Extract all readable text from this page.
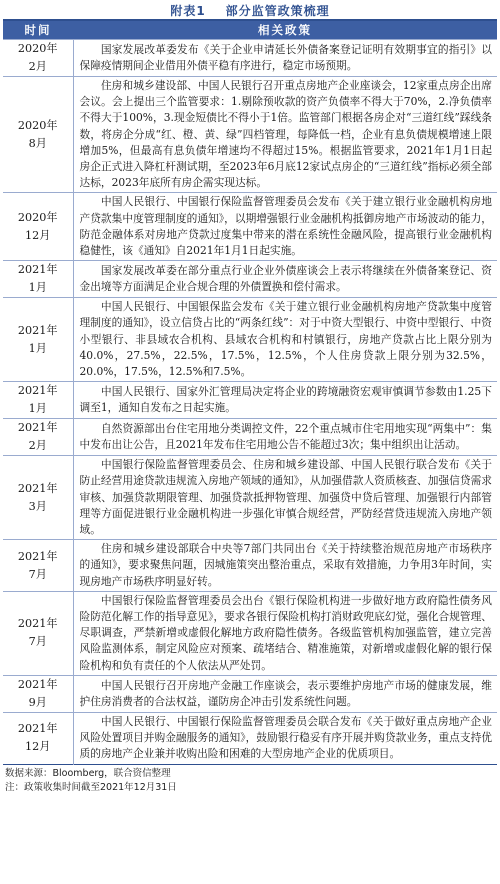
附表1 部分监管政策梳理
时间	相关政策

2020年
2月	国家发展改革委发布《关于企业申请延长外债备案登记证明有效期事宜的指引》以保障疫情期间企业借用外债平稳有序进行，稳定市场预期。

2020年
8月	住房和城乡建设部、中国人民银行召开重点房地产企业座谈会，12家重点房企出席会议。会上提出三个监管要求：1.剔除预收款的资产负债率不得大于70%，2.净负债率不得大于100%，3.现金短债比不得小于1倍。监管部门根据各房企对“三道红线”踩线条数，将房企分成“红、橙、黄、绿”四档管理，每降低一档，企业有息负债规模增速上限增加5%，但最高有息负债年增速均不得超过15%。根据监管要求，2021年1月1日起房企正式进入降杠杆测试期，至2023年6月底12家试点房企的“三道红线”指标必须全部达标，2023年底所有房企需实现达标。

2020年
12月	中国人民银行、中国银行保险监督管理委员会发布《关于建立银行业金融机构房地产贷款集中度管理制度的通知》，以期增强银行业金融机构抵御房地产市场波动的能力，防范金融体系对房地产贷款过度集中带来的潜在系统性金融风险，提高银行业金融机构稳健性，该《通知》自2021年1月1日起实施。

2021年
1月	国家发展改革委在部分重点行业企业外债座谈会上表示将继续在外债备案登记、资金出境等方面满足企业合规合理的外债置换和偿付需求。

2021年
1月	中国人民银行、中国银保监会发布《关于建立银行业金融机构房地产贷款集中度管理制度的通知》，设立信贷占比的“两条红线”：对于中资大型银行、中资中型银行、中资小型银行、非县域农合机构、县域农合机构和村镇银行，房地产贷款占比上限分别为40.0%，27.5%，22.5%，17.5%，12.5%，个人住房贷款上限分别为32.5%，20.0%，17.5%，12.5%和7.5%。

2021年
1月	中国人民银行、国家外汇管理局决定将企业的跨境融资宏观审慎调节参数由1.25下调至1，通知自发布之日起实施。

2021年
2月	自然资源部出台住宅用地分类调控文件，22个重点城市住宅用地实现“两集中”：集中发布出让公告，且2021年发布住宅用地公告不能超过3次；集中组织出让活动。

2021年
3月	中国银行保险监督管理委员会、住房和城乡建设部、中国人民银行联合发布《关于防止经营用途贷款违规流入房地产领域的通知》，从加强借款人资质核查、加强信贷需求审核、加强贷款期限管理、加强贷款抵押物管理、加强贷中贷后管理、加强银行内部管理等方面促进银行业金融机构进一步强化审慎合规经营，严防经营贷违规流入房地产领域。

2021年
7月	住房和城乡建设部联合中央等7部门共同出台《关于持续整治规范房地产市场秩序的通知》，要求聚焦问题，因城施策突出整治重点，采取有效措施，力争用3年时间，实现房地产市场秩序明显好转。

2021年
7月	中国银行保险监督管理委员会出台《银行保险机构进一步做好地方政府隐性债务风险防范化解工作的指导意见》，要求各银行保险机构打消财政兜底幻觉，强化合规管理、尽职调查，严禁新增或虚假化解地方政府隐性债务。各级监管机构加强监管，建立完善风险监测体系，制定风险应对预案、疏堵结合、精准施策，对新增或虚假化解的银行保险机构和负有责任的个人依法从严处罚。

2021年
9月	中国人民银行召开房地产金融工作座谈会，表示要维护房地产市场的健康发展，维护住房消费者的合法权益，谨防房企冲击引发系统性问题。

2021年
12月	中国人民银行、中国银行保险监督管理委员会联合发布《关于做好重点房地产企业风险处置项目并购金融服务的通知》，鼓励银行稳妥有序开展并购贷款业务，重点支持优质的房地产企业兼并收购出险和困难的大型房地产企业的优质项目。
数据来源：Bloomberg，联合资信整理
注：政策收集时间截至2021年12月31日
